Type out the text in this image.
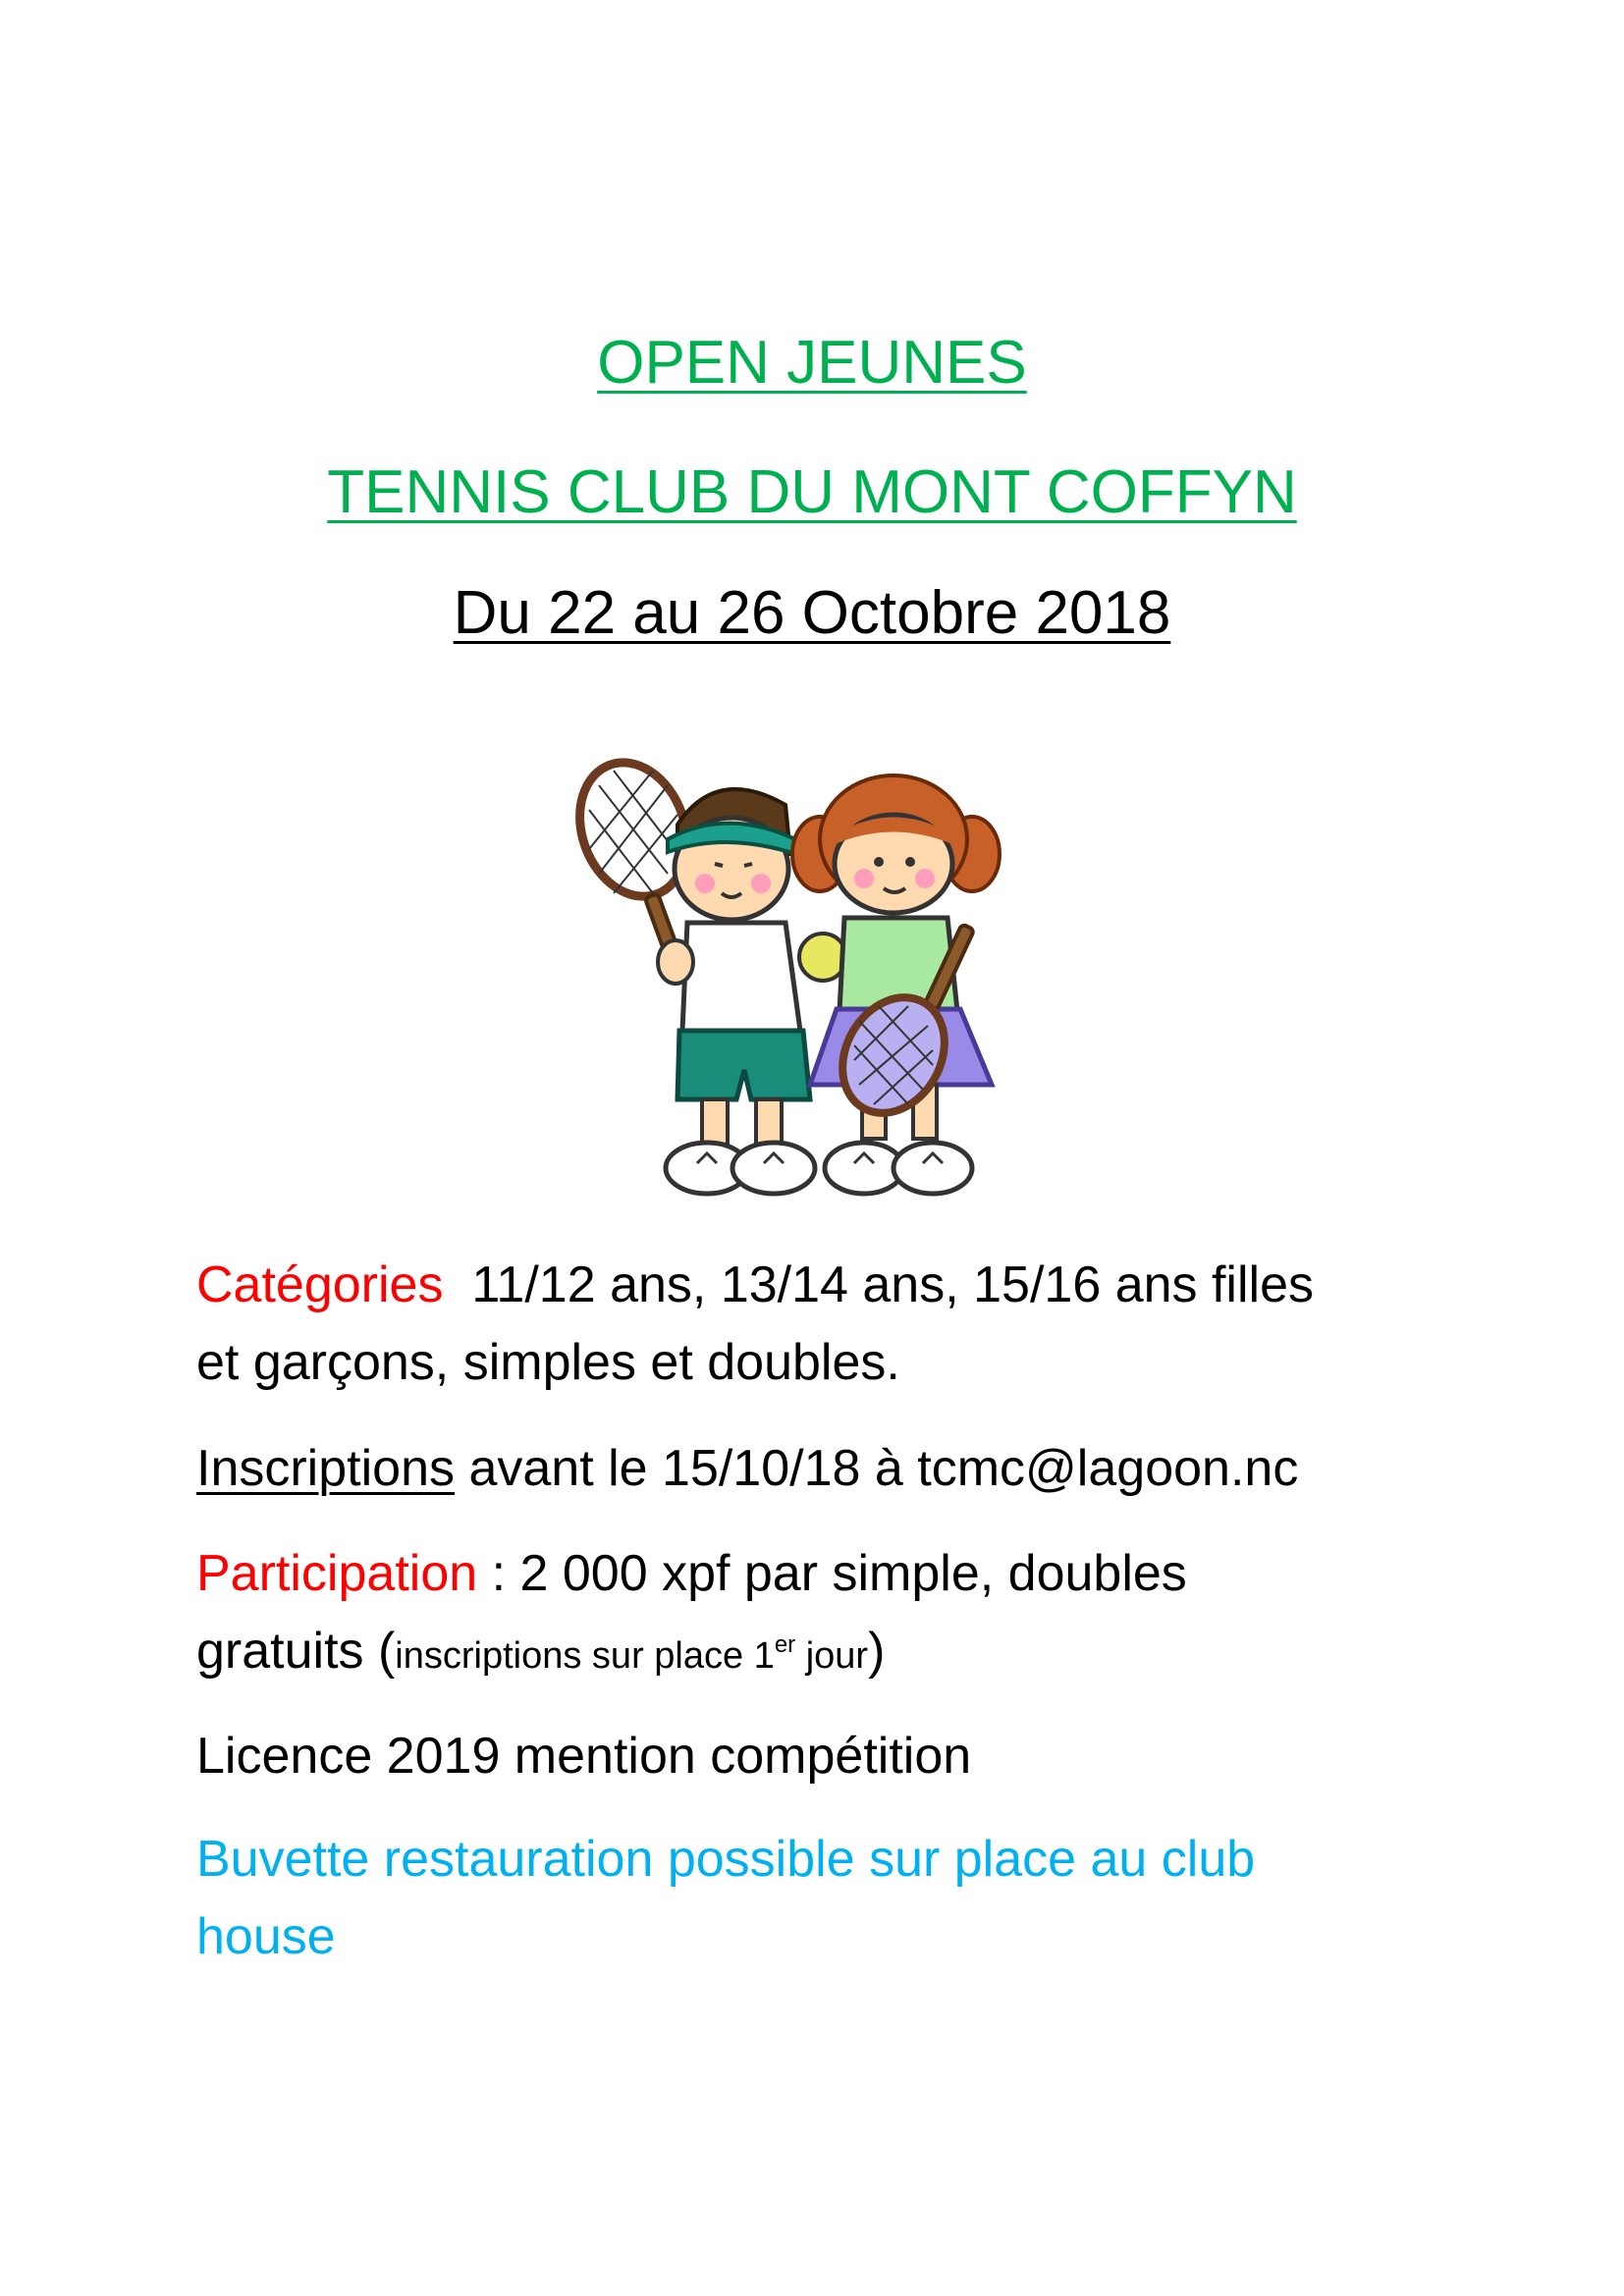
OPEN JEUNES
TENNIS CLUB DU MONT COFFYN
Du 22 au 26 Octobre 2018
Catégories  11/12 ans, 13/14 ans, 15/16 ans filles
et garçons, simples et doubles.
Inscriptions avant le 15/10/18 à tcmc@lagoon.nc
Participation : 2 000 xpf par simple, doubles
gratuits (inscriptions sur place 1er jour)
Licence 2019 mention compétition
Buvette restauration possible sur place au club
house
